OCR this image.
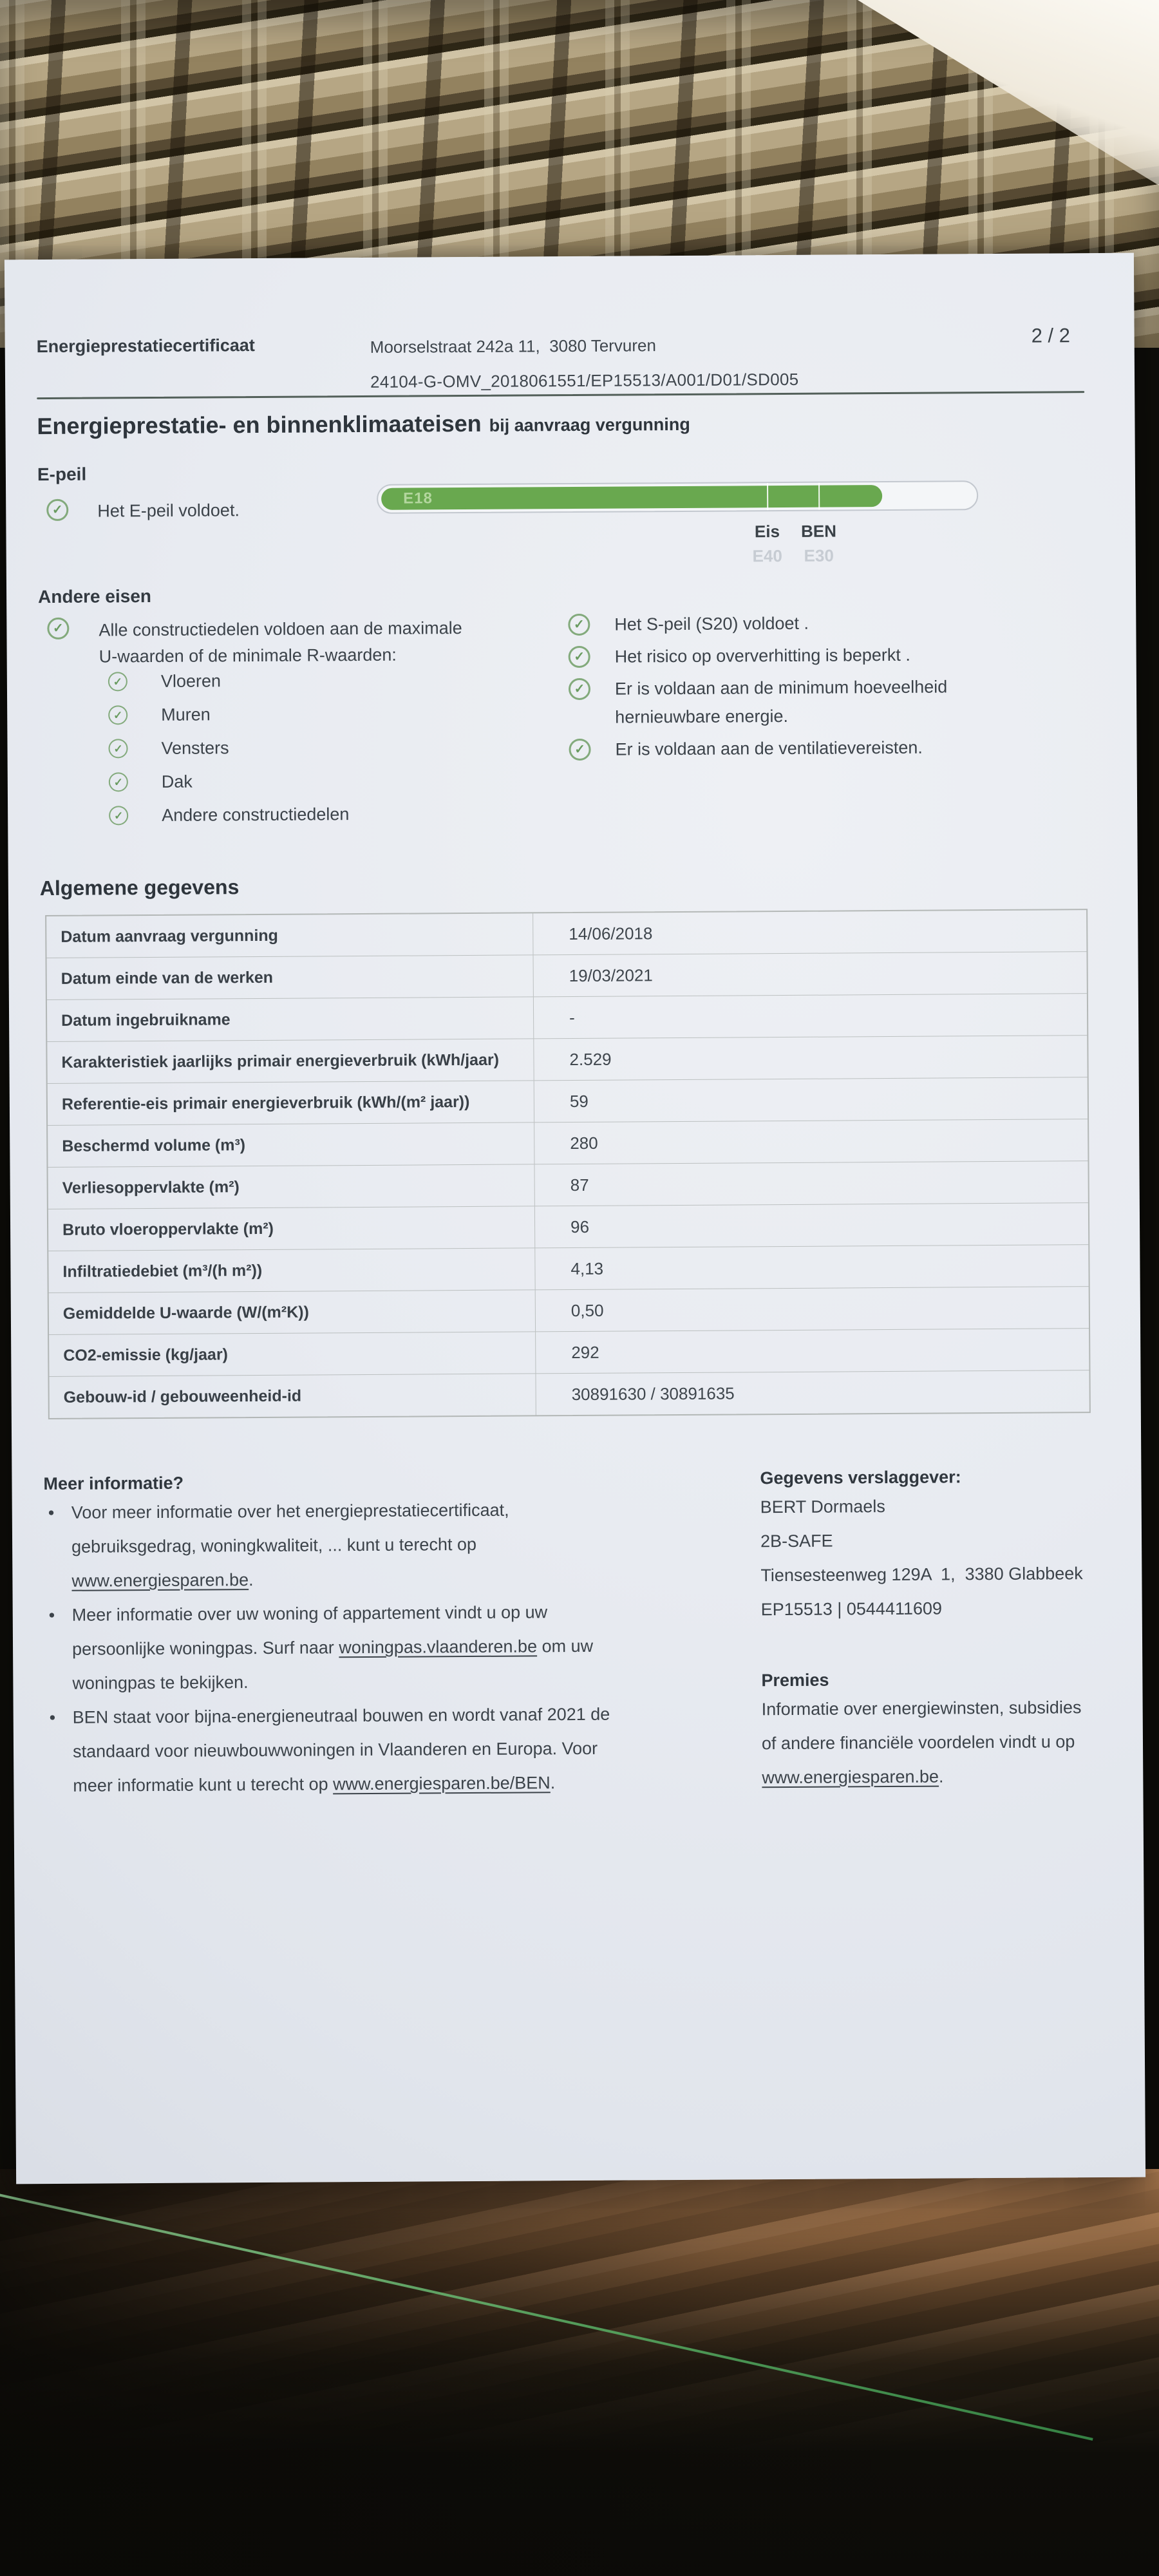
Energieprestatiecertificaat	Moorselstraat 242a 11,  3080 Tervuren
24104-G-OMV_2018061551/EP15513/A001/D01/SD005
2 / 2
Energieprestatie- en binnenklimaateisen bij aanvraag vergunning
E-peil
✓	Het E-peil voldoet.
E18
Eis BEN
E40 E30
Andere eisen
✓	Alle constructiedelen voldoen aan de maximale
U-waarden of de minimale R-waarden:
✓ Vloeren
✓ Muren
✓ Vensters
✓ Dak
✓ Andere constructiedelen
✓	Het S-peil (S20) voldoet .
✓	Het risico op oververhitting is beperkt .
✓	Er is voldaan aan de minimum hoeveelheid
hernieuwbare energie.
✓	Er is voldaan aan de ventilatievereisten.
Algemene gegevens
Datum aanvraag vergunning	14/06/2018
Datum einde van de werken	19/03/2021
Datum ingebruikname	-
Karakteristiek jaarlijks primair energieverbruik (kWh/jaar)	2.529
Referentie-eis primair energieverbruik (kWh/(m² jaar))	59
Beschermd volume (m³)	280
Verliesoppervlakte (m²)	87
Bruto vloeroppervlakte (m²)	96
Infiltratiedebiet (m³/(h m²))	4,13
Gemiddelde U-waarde (W/(m²K))	0,50
CO2-emissie (kg/jaar)	292
Gebouw-id / gebouweenheid-id	30891630 / 30891635
Meer informatie?
• Voor meer informatie over het energieprestatiecertificaat,
gebruiksgedrag, woningkwaliteit, ... kunt u terecht op
www.energiesparen.be.
• Meer informatie over uw woning of appartement vindt u op uw
persoonlijke woningpas. Surf naar woningpas.vlaanderen.be om uw
woningpas te bekijken.
• BEN staat voor bijna-energieneutraal bouwen en wordt vanaf 2021 de
standaard voor nieuwbouwwoningen in Vlaanderen en Europa. Voor
meer informatie kunt u terecht op www.energiesparen.be/BEN.
Gegevens verslaggever:
BERT Dormaels
2B-SAFE
Tiensesteenweg 129A  1,  3380 Glabbeek
EP15513 | 0544411609
Premies
Informatie over energiewinsten, subsidies
of andere financiële voordelen vindt u op
www.energiesparen.be.
